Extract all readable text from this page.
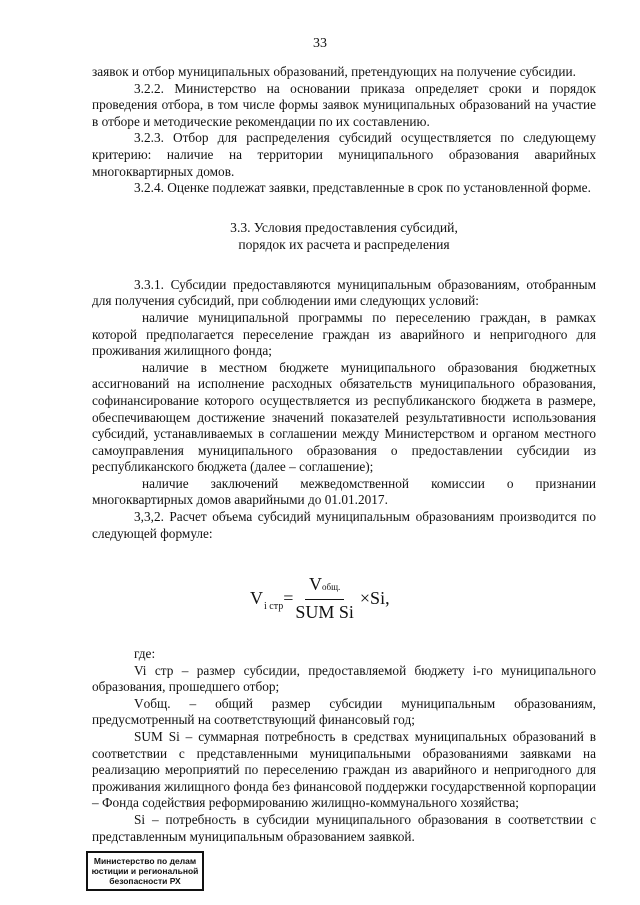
33

заявок и отбор муниципальных образований, претендующих на получение субсидии.

3.2.2. Министерство на основании приказа определяет сроки и порядок проведения отбора, в том числе формы заявок муниципальных образований на участие в отборе и методические рекомендации по их составлению.

3.2.3. Отбор для распределения субсидий осуществляется по следующему критерию: наличие на территории муниципального образования аварийных многоквартирных домов.

3.2.4. Оценке подлежат заявки, представленные в срок по установленной форме.

3.3. Условия предоставления субсидий,
порядок их расчета и распределения

3.3.1. Субсидии предоставляются муниципальным образованиям, отобранным для получения субсидий, при соблюдении ими следующих условий:

наличие муниципальной программы по переселению граждан, в рамках которой предполагается переселение граждан из аварийного и непригодного для проживания жилищного фонда;

наличие в местном бюджете муниципального образования бюджетных ассигнований на исполнение расходных обязательств муниципального образования, софинансирование которого осуществляется из республиканского бюджета в размере, обеспечивающем достижение значений показателей результативности использования субсидий, устанавливаемых в соглашении между Министерством и органом местного самоуправления муниципального образования о предоставлении субсидии из республиканского бюджета (далее – соглашение);

наличие заключений межведомственной комиссии о признании многоквартирных домов аварийными до 01.01.2017.

3,3,2. Расчет объема субсидий муниципальным образованиям производится по следующей формуле:

$V_{i стр} = \frac{\text{Vобщ.}}{\text{SUM Si}} \times Si$,

где:

Vi стр – размер субсидии, предоставляемой бюджету i-го муниципального образования, прошедшего отбор;

Vобщ. – общий размер субсидии муниципальным образованиям, предусмотренный на соответствующий финансовый год;

SUM Si – суммарная потребность в средствах муниципальных образований в соответствии с представленными муниципальными образованиями заявками на реализацию мероприятий по переселению граждан из аварийного и непригодного для проживания жилищного фонда без финансовой поддержки государственной корпорации – Фонда содействия реформированию жилищно-коммунального хозяйства;

Si – потребность в субсидии муниципального образования в соответствии с представленным муниципальным образованием заявкой.

Министерство по делам
юстиции и региональной
безопасности РХ
